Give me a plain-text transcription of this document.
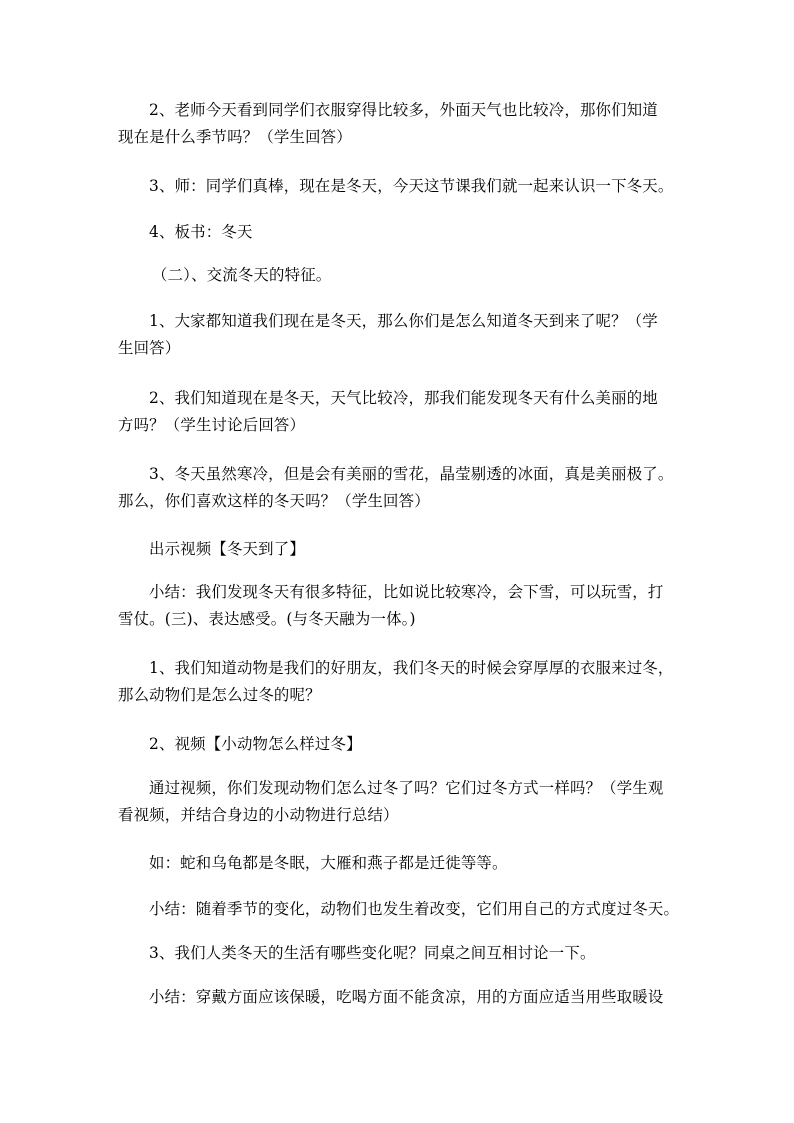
2、老师今天看到同学们衣服穿得比较多，外面天气也比较冷，那你们知道
现在是什么季节吗？（学生回答）
3、师：同学们真棒，现在是冬天，今天这节课我们就一起来认识一下冬天。
4、板书：冬天
（二）、交流冬天的特征。
1、大家都知道我们现在是冬天，那么你们是怎么知道冬天到来了呢？（学
生回答）
2、我们知道现在是冬天，天气比较冷，那我们能发现冬天有什么美丽的地
方吗？（学生讨论后回答）
3、冬天虽然寒冷，但是会有美丽的雪花，晶莹剔透的冰面，真是美丽极了。
那么，你们喜欢这样的冬天吗？（学生回答）
出示视频【冬天到了】
小结：我们发现冬天有很多特征，比如说比较寒冷，会下雪，可以玩雪，打
雪仗。(三)、表达感受。(与冬天融为一体。)
1、我们知道动物是我们的好朋友，我们冬天的时候会穿厚厚的衣服来过冬，
那么动物们是怎么过冬的呢？
2、视频【小动物怎么样过冬】
通过视频，你们发现动物们怎么过冬了吗？它们过冬方式一样吗？（学生观
看视频，并结合身边的小动物进行总结）
如：蛇和乌龟都是冬眠，大雁和燕子都是迁徙等等。
小结：随着季节的变化，动物们也发生着改变，它们用自己的方式度过冬天。
3、我们人类冬天的生活有哪些变化呢？同桌之间互相讨论一下。
小结：穿戴方面应该保暖，吃喝方面不能贪凉，用的方面应适当用些取暖设
